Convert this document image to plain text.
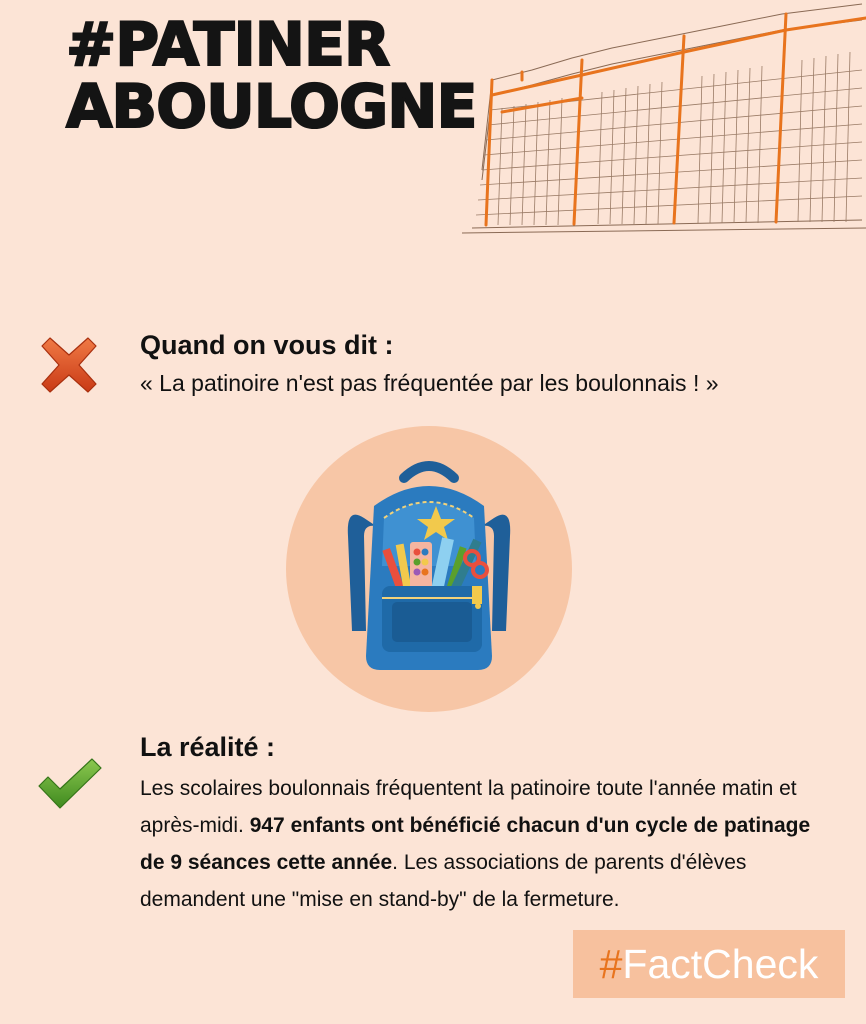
#PATINER
ABOULOGNE
Quand on vous dit :
« La patinoire n'est pas fréquentée par les boulonnais ! »
La réalité :

Les scolaires boulonnais fréquentent la patinoire toute l'année matin et après-midi. 947 enfants ont bénéficié chacun d'un cycle de patinage de 9 séances cette année. Les associations de parents d'élèves demandent une "mise en stand-by" de la fermeture.

# FactCheck
